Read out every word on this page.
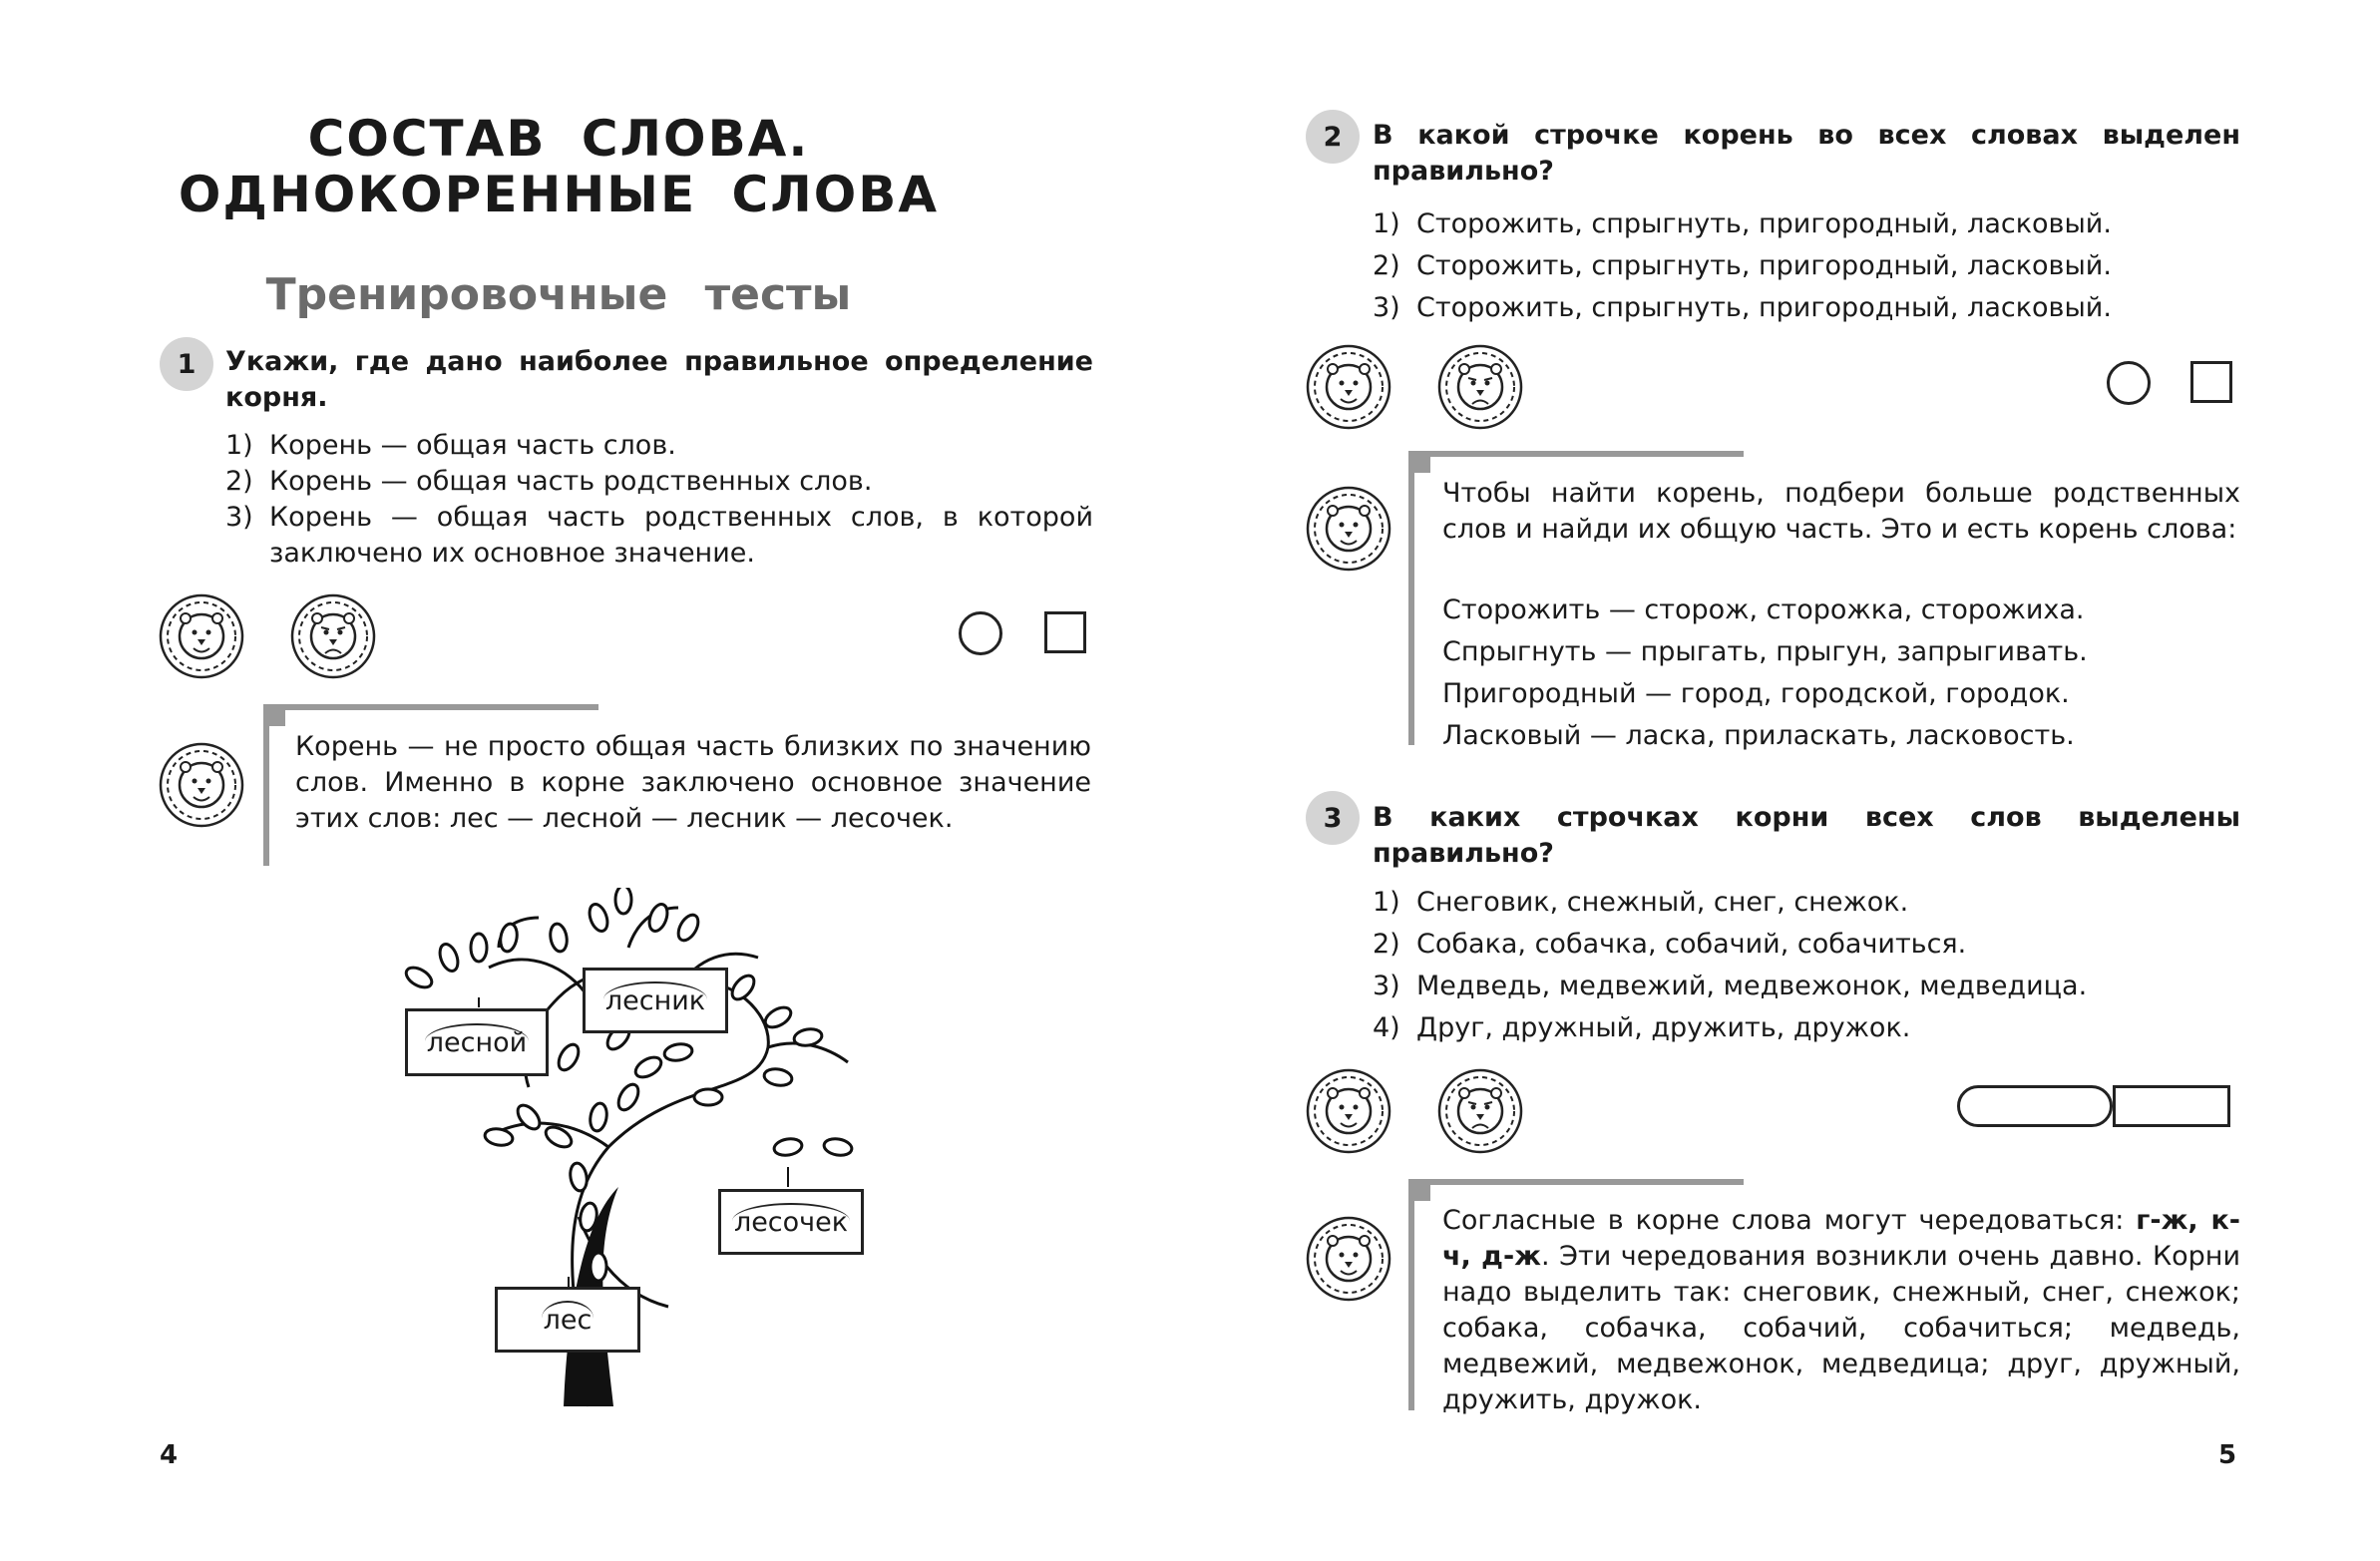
СОСТАВ СЛОВА.
ОДНОКОРЕННЫЕ СЛОВА
Тренировочные тесты
1	Укажи, где дано наиболее правильное определение корня.
1) Корень — общая часть слов.
2) Корень — общая часть родственных слов.
3) Корень — общая часть родственных слов, в которой заключено их основное значение.
Корень — не просто общая часть близких по значению слов. Именно в корне заключено основное значение этих слов: лес — лесной — лесник — лесочек.
лесной
лесник
лесочек
лес
4
2	В какой строчке корень во всех словах выделен правильно?
1) Сторожить, спрыгнуть, пригородный, ласковый.
2) Сторожить, спрыгнуть, пригородный, ласковый.
3) Сторожить, спрыгнуть, пригородный, ласковый.
Чтобы найти корень, подбери больше родственных слов и найди их общую часть. Это и есть корень слова:
Сторожить — сторож, сторожка, сторожиха.
Спрыгнуть — прыгать, прыгун, запрыгивать.
Пригородный — город, городской, городок.
Ласковый — ласка, приласкать, ласковость.
3	В каких строчках корни всех слов выделены правильно?
1) Снеговик, снежный, снег, снежок.
2) Собака, собачка, собачий, собачиться.
3) Медведь, медвежий, медвежонок, медведица.
4) Друг, дружный, дружить, дружок.
Согласные в корне слова могут чередоваться: г-ж, к-ч, д-ж. Эти чередования возникли очень давно. Корни надо выделить так: снеговик, снежный, снег, снежок; собака, собачка, собачий, собачиться; медведь, медвежий, медвежонок, медведица; друг, дружный, дружить, дружок.
5
